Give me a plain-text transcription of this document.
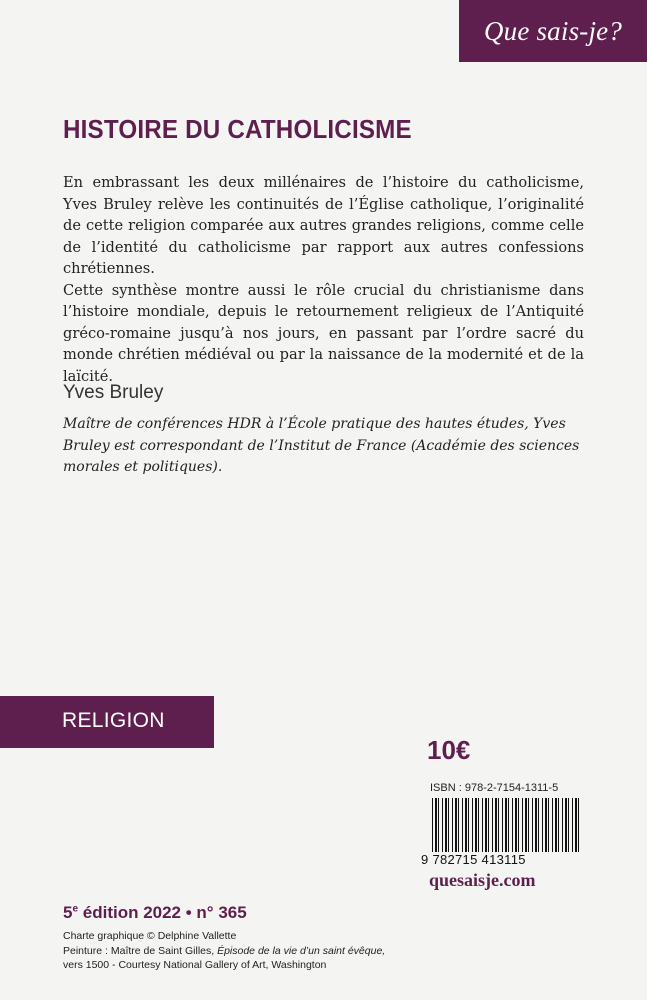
Que sais-je?
HISTOIRE DU CATHOLICISME

En embrassant les deux millénaires de l’histoire du catholicisme, Yves Bruley relève les continuités de l’Église catholique, l’originalité de cette religion comparée aux autres grandes religions, comme celle de l’identité du catholicisme par rapport aux autres confessions chrétiennes.

Cette synthèse montre aussi le rôle crucial du christianisme dans l’histoire mondiale, depuis le retournement religieux de l’Antiquité gréco-romaine jusqu’à nos jours, en passant par l’ordre sacré du monde chrétien médiéval ou par la naissance de la modernité et de la laïcité.

Yves Bruley
Maître de conférences HDR à l’École pratique des hautes études, Yves Bruley est correspondant de l’Institut de France (Académie des sciences morales et politiques).
RELIGION
10€
ISBN : 978-2-7154-1311-5
9 782715 413115
quesaisje.com
5e édition 2022 • n° 365
Charte graphique © Delphine Vallette
Peinture : Maître de Saint Gilles, Épisode de la vie d’un saint évêque,
vers 1500 - Courtesy National Gallery of Art, Washington
